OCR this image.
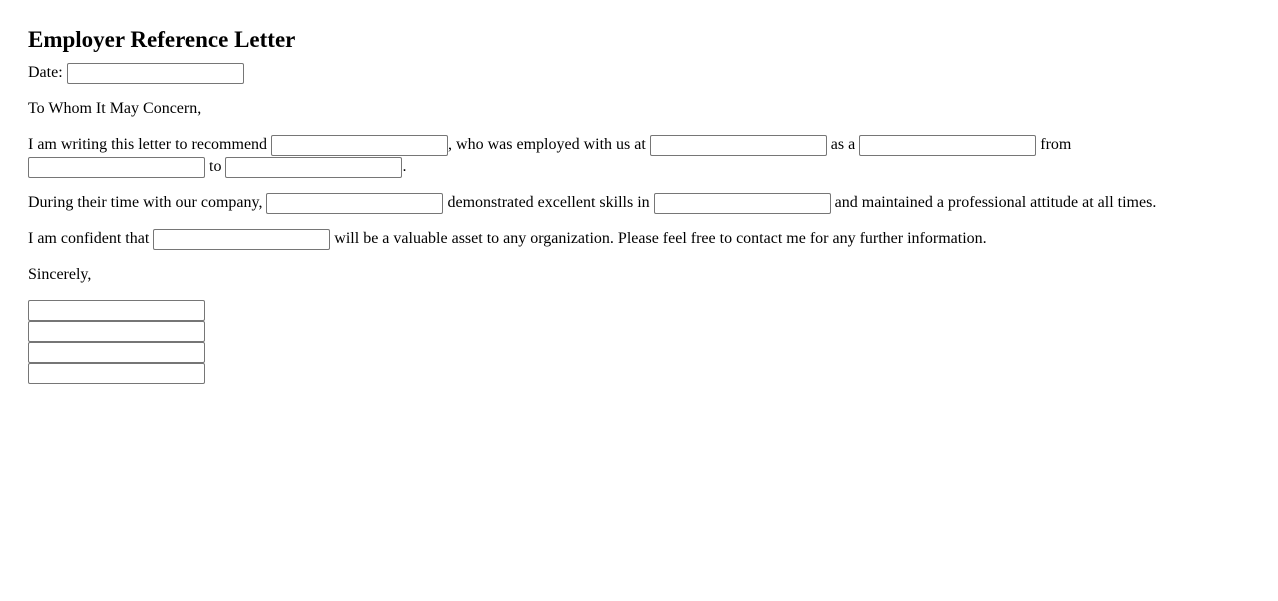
Employer Reference Letter

Date:

To Whom It May Concern,

I am writing this letter to recommend	, who was employed with us at	as a	from
to	.

During their time with our company,	demonstrated excellent skills in	and maintained a professional attitude at all times.

I am confident that	will be a valuable asset to any organization. Please feel free to contact me for any further information.

Sincerely,
